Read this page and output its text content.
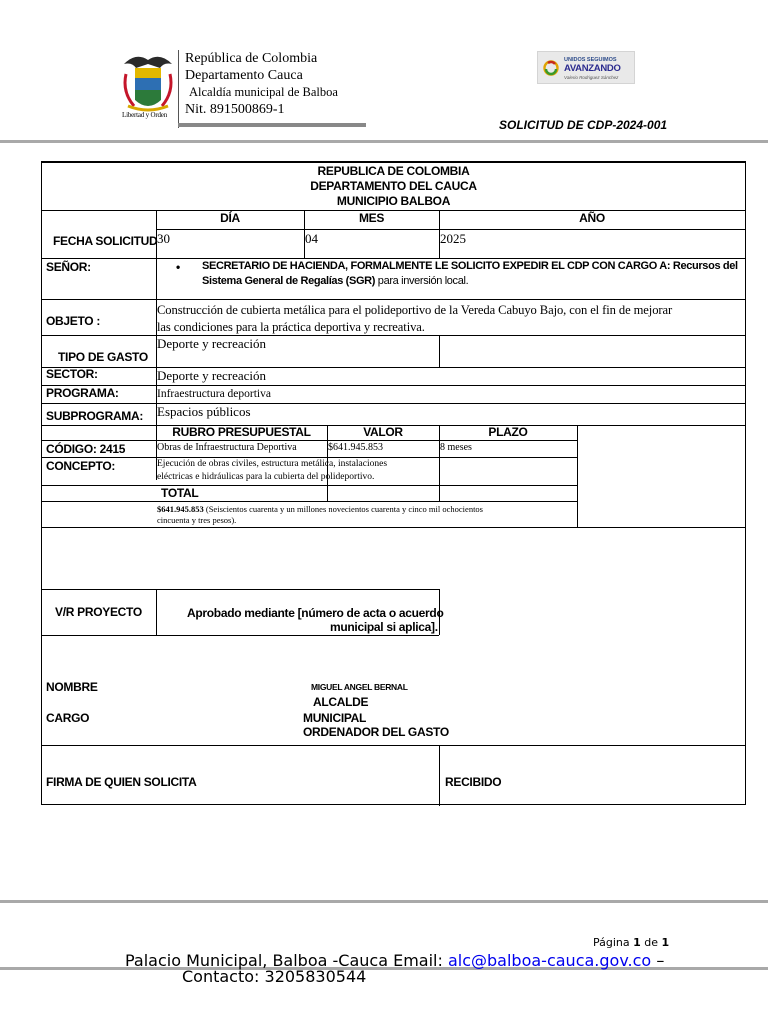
Libertad y Orden
República de Colombia
Departamento Cauca
Alcaldía municipal de Balboa
Nit. 891500869-1
UNIDOS SEGUIMOS
AVANZANDO
Valerio Rodriguez Sánchez
SOLICITUD DE CDP-2024-001
REPUBLICA DE COLOMBIA
DEPARTAMENTO DEL CAUCA
MUNICIPIO BALBOA
DÍA	MES	AÑO
FECHA SOLICITUD 30	04	2025
SEÑOR:	• SECRETARIO DE HACIENDA, FORMALMENTE LE SOLICITO EXPEDIR EL CDP CON CARGO A: Recursos del
Sistema General de Regalías (SGR) para inversión local.
OBJETO :
Construcción de cubierta metálica para el polideportivo de la Vereda Cabuyo Bajo, con el fin de mejorar
las condiciones para la práctica deportiva y recreativa.
TIPO DE GASTO
Deporte y recreación
SECTOR:	Deporte y recreación
PROGRAMA:	Infraestructura deportiva
SUBPROGRAMA: Espacios públicos
RUBRO PRESUPUESTAL	VALOR	PLAZO
CÓDIGO: 2415	Obras de Infraestructura Deportiva	$641.945.853	8 meses
CONCEPTO:	Ejecución de obras civiles, estructura metálica, instalaciones
eléctricas e hidráulicas para la cubierta del polideportivo.
TOTAL
$641.945.853 (Seiscientos cuarenta y un millones novecientos cuarenta y cinco mil ochocientos
cincuenta y tres pesos).
V/R PROYECTO	Aprobado mediante [número de acta o acuerdo
municipal si aplica].
NOMBRE	MIGUEL ANGEL BERNAL
ALCALDE
CARGO	MUNICIPAL
ORDENADOR DEL GASTO
FIRMA DE QUIEN SOLICITA	RECIBIDO
Página 1 de 1
Palacio Municipal, Balboa -Cauca Email: alc@balboa-cauca.gov.co –
Contacto: 3205830544
